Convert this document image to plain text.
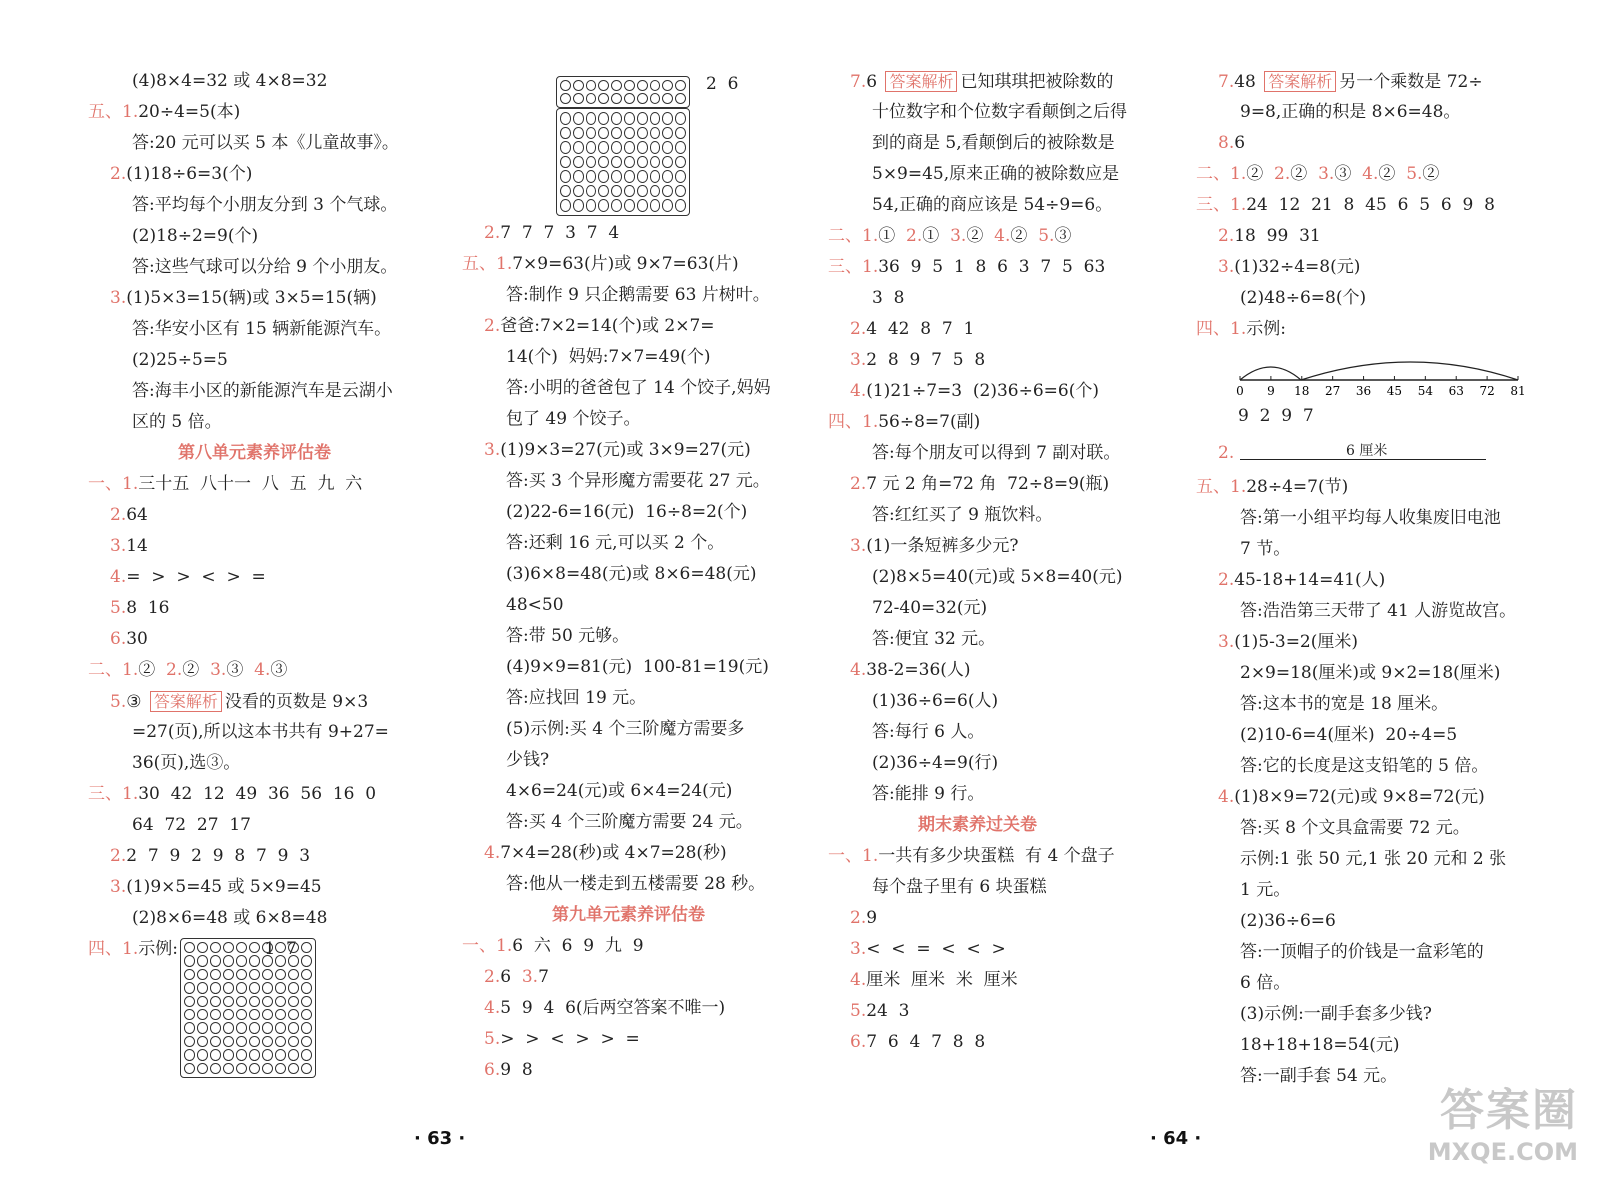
(4)8×4=32 或 4×8=32
五、1.20÷4=5(本)
答:20 元可以买 5 本《儿童故事》。
2.(1)18÷6=3(个)
答:平均每个小朋友分到 3 个气球。
(2)18÷2=9(个)
答:这些气球可以分给 9 个小朋友。
3.(1)5×3=15(辆)或 3×5=15(辆)
答:华安小区有 15 辆新能源汽车。
(2)25÷5=5
答:海丰小区的新能源汽车是云湖小
区的 5 倍。
第八单元素养评估卷
一、1.三十五  八十一  八  五  九  六
2.64
3.14
4.=  >  >  <  >  =
5.8  16
6.30
二、1.②  2.②  3.③  4.③
5.③ 答案解析 没看的页数是 9×3
=27(页),所以这本书共有 9+27=
36(页),选③。
三、1.30  42  12  49  36  56  16  0
64  72  27  17
2.2  7  9  2  9  8  7  9  3
3.(1)9×5=45 或 5×9=45
(2)8×6=48 或 6×8=48
四、1.示例:                1  7
2  6
2.7  7  7  3  7  4
五、1.7×9=63(片)或 9×7=63(片)
答:制作 9 只企鹅需要 63 片树叶。
2.爸爸:7×2=14(个)或 2×7=
14(个)  妈妈:7×7=49(个)
答:小明的爸爸包了 14 个饺子,妈妈
包了 49 个饺子。
3.(1)9×3=27(元)或 3×9=27(元)
答:买 3 个异形魔方需要花 27 元。
(2)22-6=16(元)  16÷8=2(个)
答:还剩 16 元,可以买 2 个。
(3)6×8=48(元)或 8×6=48(元)
48<50
答:带 50 元够。
(4)9×9=81(元)  100-81=19(元)
答:应找回 19 元。
(5)示例:买 4 个三阶魔方需要多
少钱?
4×6=24(元)或 6×4=24(元)
答:买 4 个三阶魔方需要 24 元。
4.7×4=28(秒)或 4×7=28(秒)
答:他从一楼走到五楼需要 28 秒。
第九单元素养评估卷
一、1.6  六  6  9  九  9
2.6  3.7
4.5  9  4  6(后两空答案不唯一)
5.>  >  <  >  >  =
6.9  8
7.6 答案解析 已知琪琪把被除数的
十位数字和个位数字看颠倒之后得
到的商是 5,看颠倒后的被除数是
5×9=45,原来正确的被除数应是
54,正确的商应该是 54÷9=6。
二、1.①  2.①  3.②  4.②  5.③
三、1.36  9  5  1  8  6  3  7  5  63
3  8
2.4  42  8  7  1
3.2  8  9  7  5  8
4.(1)21÷7=3  (2)36÷6=6(个)
四、1.56÷8=7(副)
答:每个朋友可以得到 7 副对联。
2.7 元 2 角=72 角  72÷8=9(瓶)
答:红红买了 9 瓶饮料。
3.(1)一条短裤多少元?
(2)8×5=40(元)或 5×8=40(元)
72-40=32(元)
答:便宜 32 元。
4.38-2=36(人)
(1)36÷6=6(人)
答:每行 6 人。
(2)36÷4=9(行)
答:能排 9 行。
期末素养过关卷
一、1.一共有多少块蛋糕  有 4 个盘子
每个盘子里有 6 块蛋糕
2.9
3.<  <  =  <  <  >
4.厘米  厘米  米  厘米
5.24  3
6.7  6  4  7  8  8
7.48 答案解析 另一个乘数是 72÷
9=8,正确的积是 8×6=48。
8.6
二、1.②  2.②  3.③  4.②  5.②
三、1.24  12  21  8  45  6  5  6  9  8
2.18  99  31
3.(1)32÷4=8(元)
(2)48÷6=8(个)
四、1.示例:
0 9 18 27 36 45 54 63 72 81
9  2  9  7
2.	6 厘米
五、1.28÷4=7(节)
答:第一小组平均每人收集废旧电池
7 节。
2.45-18+14=41(人)
答:浩浩第三天带了 41 人游览故宫。
3.(1)5-3=2(厘米)
2×9=18(厘米)或 9×2=18(厘米)
答:这本书的宽是 18 厘米。
(2)10-6=4(厘米)  20÷4=5
答:它的长度是这支铅笔的 5 倍。
4.(1)8×9=72(元)或 9×8=72(元)
答:买 8 个文具盒需要 72 元。
示例:1 张 50 元,1 张 20 元和 2 张
1 元。
(2)36÷6=6
答:一顶帽子的价钱是一盒彩笔的
6 倍。
(3)示例:一副手套多少钱?
18+18+18=54(元)
答:一副手套 54 元。
· 63 ·	· 64 ·
答案圈
MXQE.COM
